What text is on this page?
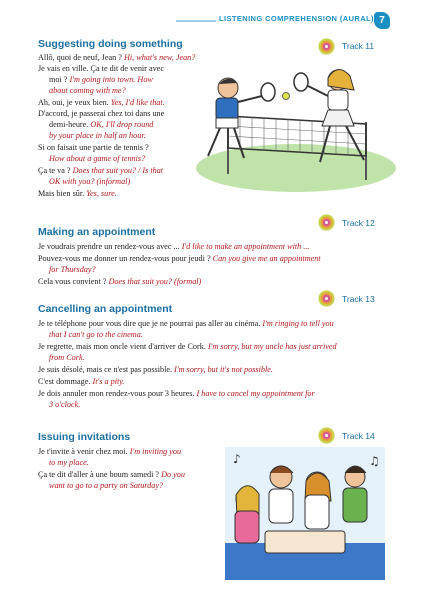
LISTENING COMPREHENSION (AURAL) 7
Track 11
Track 12
Track 13
Track 14
Suggesting doing something
Allô, quoi de neuf, Jean ? Hi, what's new, Jean?
Je vais en ville. Ça te dit de venir avec
moi ? I'm going into town. How
about coming with me?
Ah, oui, je veux bien. Yes, I'd like that.
D'accord, je passerai chez toi dans une
demi-heure. OK, I'll drop round
by your place in half an hour.
Si on faisait une partie de tennis ?
How about a game of tennis?
Ça te va ? Does that suit you? / Is that
OK with you? (informal)
Mais bien sûr. Yes, sure.
Making an appointment
Je voudrais prendre un rendez-vous avec ... I'd like to make an appointment with ...
Pouvez-vous me donner un rendez-vous pour jeudi ? Can you give me an appointment
for Thursday?
Cela vous convient ? Does that suit you? (formal)
Cancelling an appointment
Je te téléphone pour vous dire que je ne pourrai pas aller au cinéma. I'm ringing to tell you
that I can't go to the cinema.
Je regrette, mais mon oncle vient d'arriver de Cork. I'm sorry, but my uncle has just arrived
from Cork.
Je suis désolé, mais ce n'est pas possible. I'm sorry, but it's not possible.
C'est dommage. It's a pity.
Je dois annuler mon rendez-vous pour 3 heures. I have to cancel my appointment for
3 o'clock.
Issuing invitations
Je t'invite à venir chez moi. I'm inviting you
to my place.
Ça te dit d'aller à une boum samedi ? Do you
want to go to a party on Saturday?
♪	♫
